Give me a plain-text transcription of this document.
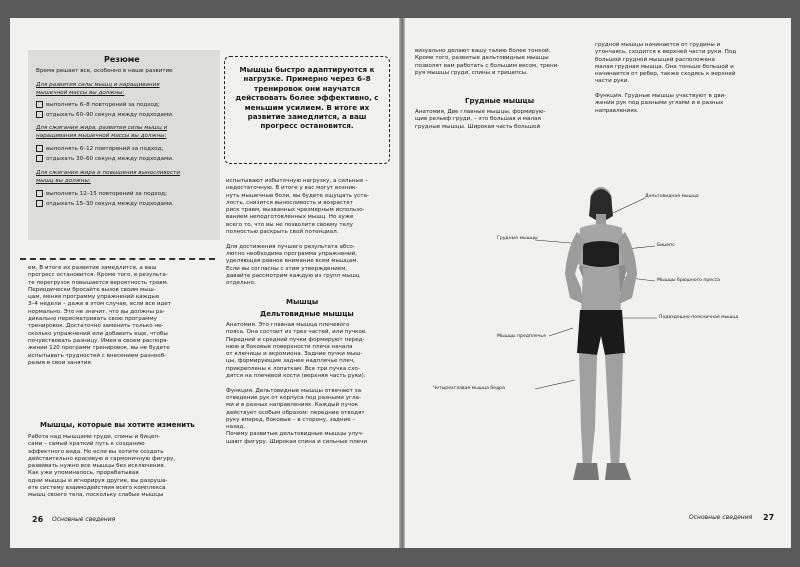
Резюме
Время решает все, особенно в наше развитие
Для развития силы мышц и наращивания
мышечной массы вы должны:
выполнять 6–8 повторений за подход;
отдыхать 60–90 секунд между подходами.
Для сжигания жира, развития силы мышц и
наращивания мышечной массы вы должны:
выполнять 6–12 повторений за подход;
отдыхать 30–60 секунд между подходами.
Для сжигания жира и повышения выносливости
мышц вы должны:
выполнять 12–15 повторений за подход;
отдыхать 15–30 секунд между подходами.
Мышцы быстро адаптируются к нагрузке. Примерно через 6–8 тренировок они научатся действовать более эффективно, с меньшим усилием. В итоге их развитие замедлится, а ваш прогресс остановится.
ем. В итоге их развитие замедлится, а ваш
прогресс остановится. Кроме того, в результа-
те перегрузок повышается вероятность травм.
Периодически бросайте вызов своим мыш-
цам, меняя программу упражнений каждые
3–4 недели – даже в этом случае, если все идет
нормально. Это не значит, что вы должны ра-
дикально пересматривать свою программу
тренировок. Достаточно заменить только не-
сколько упражнений или добавить еще, чтобы
почувствовать разницу. Имея в своем распоря-
жении 120 программ тренировок, вы не будете
испытывать трудностей с внесением разнооб-
разия в свои занятия.
Мышцы, которые вы хотите изменить
Работа над мышцами груди, спины и бицеп-
сами – самый краткий путь к созданию
эффектного вида. Но если вы хотите создать
действительно красивую и гармоничную фигуру,
развивать нужно все мышцы без исключения.
Как уже упоминалось, прорабатывая
одни мышцы и игнорируя другие, вы разруша-
ете систему взаимодействия всего комплекса
мышц своего тела, поскольку слабые мышцы
испытывают избыточную нагрузку, а сильные –
недостаточную. В итоге у вас могут возник-
нуть мышечные боли, вы будете ощущать уста-
лость, снизится выносливость и возрастет
риск травм, вызванных чрезмерным использо-
ванием неподготовленных мышц. Но хуже
всего то, что вы не позволите своему телу
полностью раскрыть свой потенциал.
Для достижения лучшего результата абсо-
лютно необходима программа упражнений,
уделяющая равное внимание всем мышцам.
Если вы согласны с этим утверждением,
давайте рассмотрим каждую из групп мышц
отдельно.
Мышцы
Дельтовидные мышцы
Анатомия. Это главная мышца плечевого
пояса. Она состоит из трех частей, или пучков.
Передний и средний пучки формируют перед-
нюю и боковые поверхности плеча начала
от ключицы и акромиона. Задние пучки мыш-
цы, формирующие заднее надплечье плеч,
прикреплены к лопаткам. Все три пучка схо-
дятся на плечевой кости (верхняя часть руки).
Функция. Дельтовидные мышцы отвечают за
отведение рук от корпуса под разными угла-
ми и в разных направлениях. Каждый пучок
действует особым образом: передние отводят
руку вперед, боковые – в сторону, задние –
назад.
Почему развитые дельтовидные мышцы улуч-
шают фигуру. Широкая спина и сильные плечи
26 Основные сведения
визуально делают вашу талию более тонкой.
Кроме того, развитые дельтовидные мышцы
позволят вам работать с большим весом, трени-
руя мышцы груди, спины и трицепсы.
Грудные мышцы
Анатомия. Две главные мышцы, формирую-
щие рельеф груди, – это большая и малая
грудные мышцы. Широкая часть большой
грудной мышцы начинается от грудины и
утончаясь, сходится к верхней части руки. Под
большой грудной мышцей расположена
малая грудная мышца. Она тоньше большой и
начинается от ребер, также сходясь к верхней
части руки.
Функция. Грудные мышцы участвуют в дви-
жении рук под разными углами и в разных
направлениях.
Дельтовидная мышца
Грудные мышцы
Бицепс
Мышцы брюшного пресса
Мышцы предплечья
Подвздошно-поясничная мышца
Четырехглавая мышца бедра
Основные сведения 27
